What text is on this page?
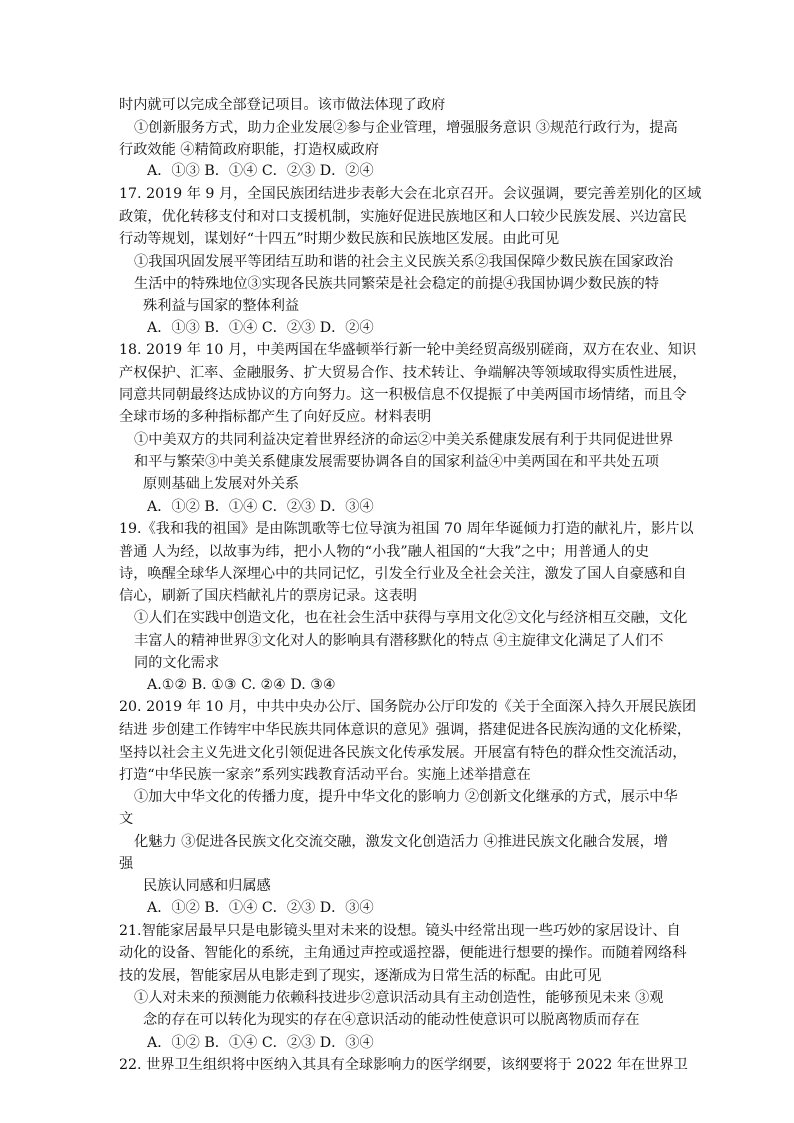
时内就可以完成全部登记项目。该市做法体现了政府
①创新服务方式，助力企业发展②参与企业管理，增强服务意识 ③规范行政行为，提高
行政效能 ④精简政府职能，打造权威政府
A．①③ B．①④ C．②③ D．②④
17. 2019 年 9 月，全国民族团结进步表彰大会在北京召开。会议强调，要完善差别化的区域
政策，优化转移支付和对口支援机制，实施好促进民族地区和人口较少民族发展、兴边富民
行动等规划，谋划好“十四五”时期少数民族和民族地区发展。由此可见
①我国巩固发展平等团结互助和谐的社会主义民族关系②我国保障少数民族在国家政治
生活中的特殊地位③实现各民族共同繁荣是社会稳定的前提④我国协调少数民族的特
殊利益与国家的整体利益
A．①③ B．①④ C．②③ D．②④
18. 2019 年 10 月，中美两国在华盛顿举行新一轮中美经贸高级别磋商，双方在农业、知识
产权保护、汇率、金融服务、扩大贸易合作、技术转让、争端解决等领域取得实质性进展，
同意共同朝最终达成协议的方向努力。这一积极信息不仅提振了中美两国市场情绪，而且令
全球市场的多种指标都产生了向好反应。材料表明
①中美双方的共同利益决定着世界经济的命运②中美关系健康发展有利于共同促进世界
和平与繁荣③中美关系健康发展需要协调各自的国家利益④中美两国在和平共处五项
原则基础上发展对外关系
A．①② B．①④ C．②③ D．③④
19.《我和我的祖国》是由陈凯歌等七位导演为祖国 70 周年华诞倾力打造的献礼片，影片以
普通 人为经，以故事为纬，把小人物的“小我”融人祖国的“大我”之中；用普通人的史
诗，唤醒全球华人深埋心中的共同记忆，引发全行业及全社会关注，激发了国人自豪感和自
信心，刷新了国庆档献礼片的票房记录。这表明
①人们在实践中创造文化，也在社会生活中获得与享用文化②文化与经济相互交融，文化
丰富人的精神世界③文化对人的影响具有潜移默化的特点 ④主旋律文化满足了人们不
同的文化需求
A.①② B. ①③ C. ②④ D. ③④
20. 2019 年 10 月，中共中央办公厅、国务院办公厅印发的《关于全面深入持久开展民族团
结进 步创建工作铸牢中华民族共同体意识的意见》强调，搭建促进各民族沟通的文化桥梁，
坚持以社会主义先进文化引领促进各民族文化传承发展。开展富有特色的群众性交流活动，
打造“中华民族一家亲”系列实践教育活动平台。实施上述举措意在
①加大中华文化的传播力度，提升中华文化的影响力 ②创新文化继承的方式，展示中华
文
化魅力 ③促进各民族文化交流交融，激发文化创造活力 ④推进民族文化融合发展，增
强
民族认同感和归属感
A．①② B．①④ C．②③ D．③④
21.智能家居最早只是电影镜头里对未来的设想。镜头中经常出现一些巧妙的家居设计、自
动化的设备、智能化的系统，主角通过声控或遥控器，便能进行想要的操作。而随着网络科
技的发展，智能家居从电影走到了现实，逐渐成为日常生活的标配。由此可见
①人对未来的预测能力依赖科技进步②意识活动具有主动创造性，能够预见未来 ③观
念的存在可以转化为现实的存在④意识活动的能动性使意识可以脱离物质而存在
A．①② B．①④ C．②③ D．③④
22. 世界卫生组织将中医纳入其具有全球影响力的医学纲要，该纲要将于 2022 年在世界卫
